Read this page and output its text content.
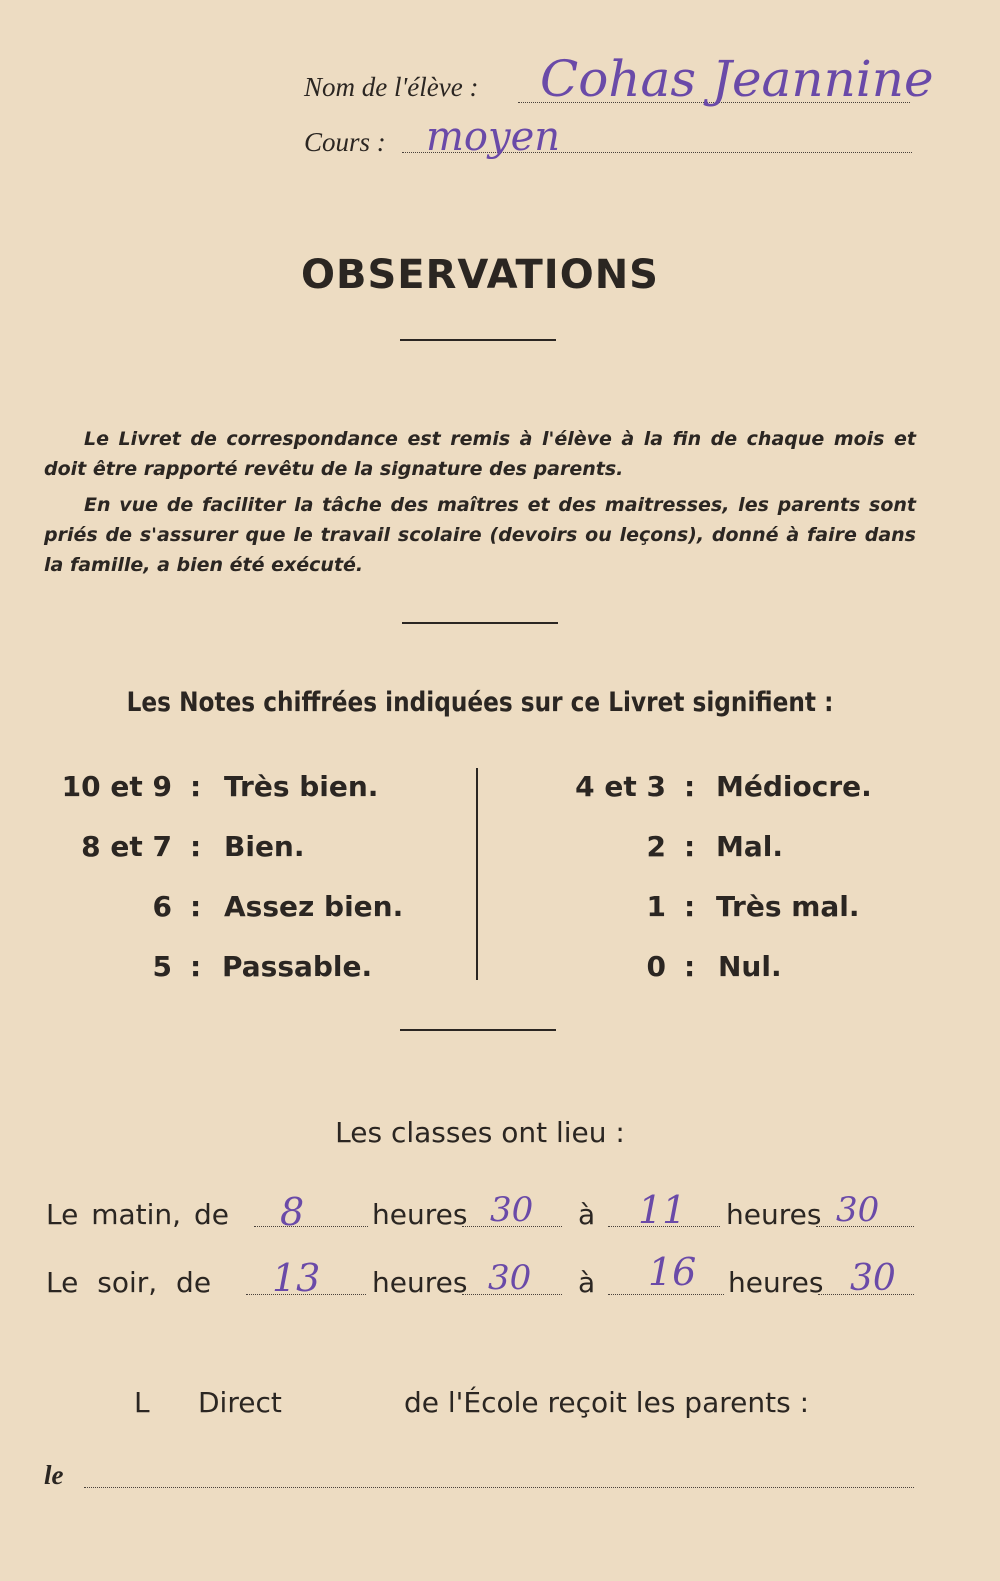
Nom de l'élève : Cohas Jeannine
Cours : moyen
OBSERVATIONS
Le Livret de correspondance est remis à l'élève à la fin de chaque mois et doit être rapporté revêtu de la signature des parents.
En vue de faciliter la tâche des maîtres et des maitresses, les parents sont priés de s'assurer que le travail scolaire (devoirs ou leçons), donné à faire dans la famille, a bien été exécuté.
Les Notes chiffrées indiquées sur ce Livret signifient :
10 et 9 : Très bien.
8 et 7 : Bien.
6 : Assez bien.
5 : Passable.
4 et 3 : Médiocre.
2 : Mal.
1 : Très mal.
0 : Nul.
Les classes ont lieu :
Le matin, de 8 heures 30 à 11 heures 30
Le soir, de 13 heures 30 à 16 heures 30
L Direct	de l'École reçoit les parents :
le
